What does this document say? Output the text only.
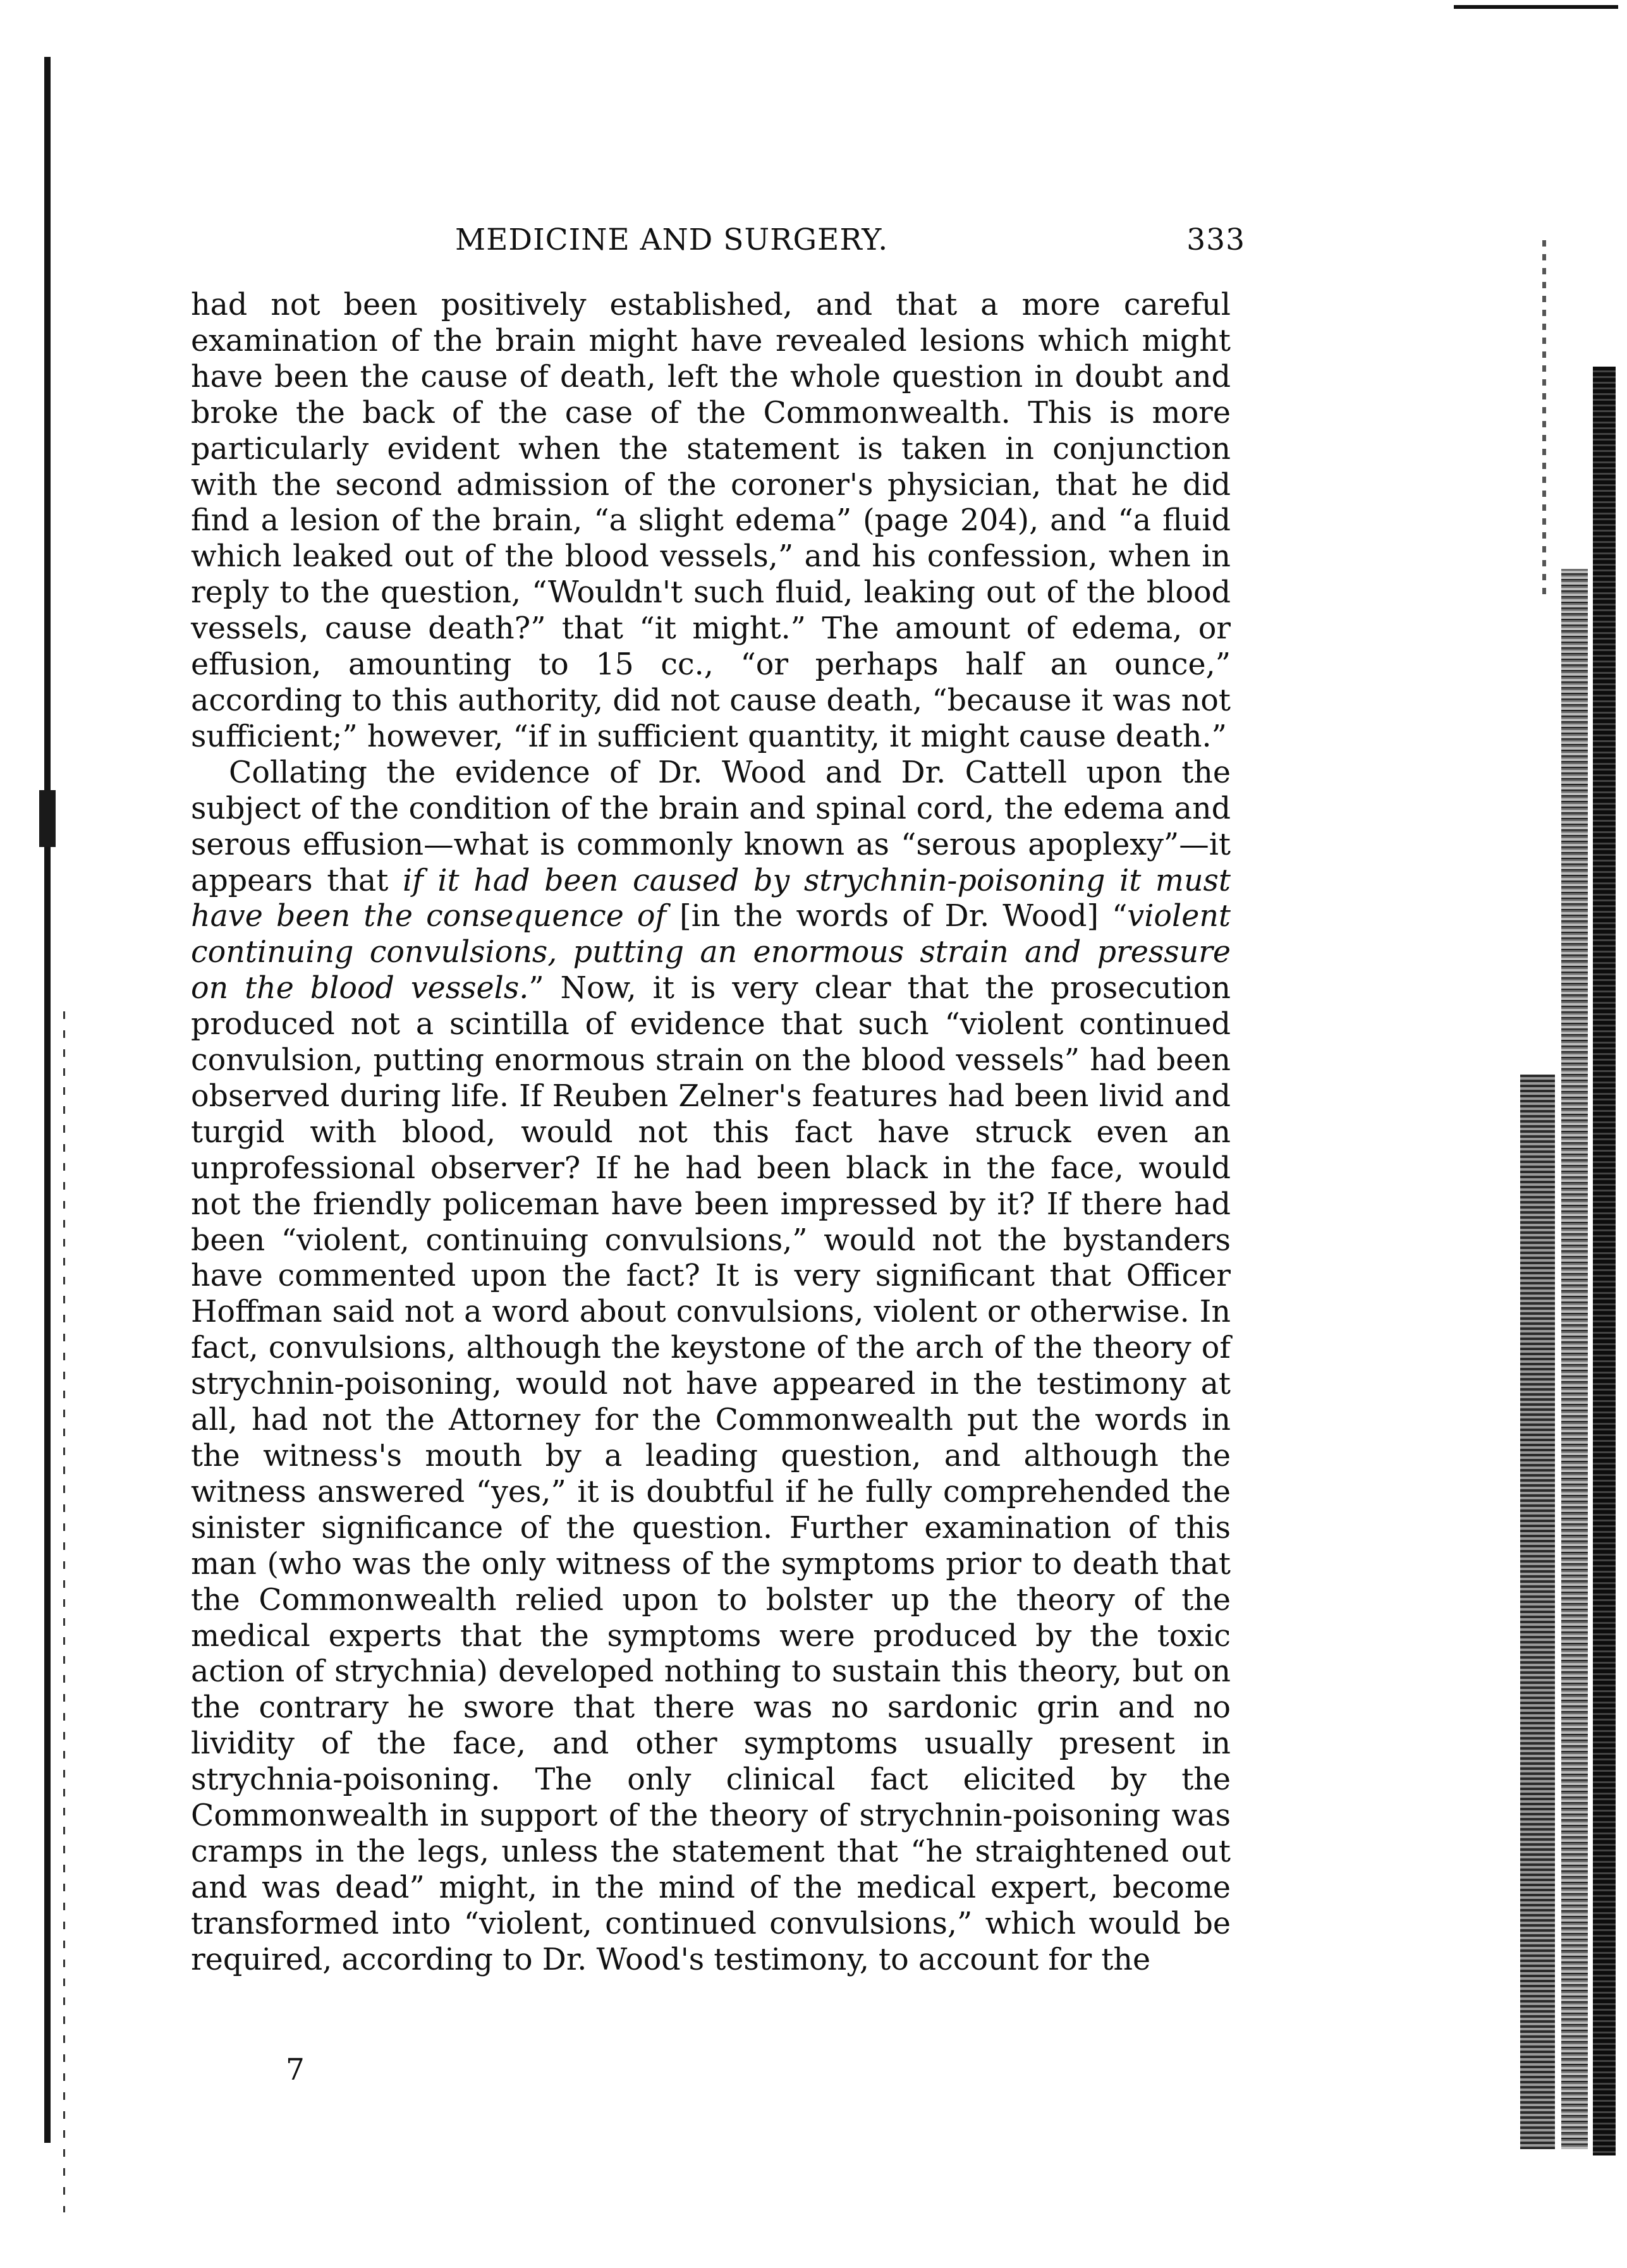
MEDICINE AND SURGERY.	333

had not been positively established, and that a more careful examination of the brain might have revealed lesions which might have been the cause of death, left the whole question in doubt and broke the back of the case of the Commonwealth. This is more particularly evident when the statement is taken in conjunction with the second admission of the coroner's physician, that he did find a lesion of the brain, “a slight edema” (page 204), and “a fluid which leaked out of the blood vessels,” and his confession, when in reply to the question, “Wouldn't such fluid, leaking out of the blood vessels, cause death?” that “it might.” The amount of edema, or effusion, amounting to 15 cc., “or perhaps half an ounce,” according to this authority, did not cause death, “because it was not sufficient;” however, “if in sufficient quantity, it might cause death.”

Collating the evidence of Dr. Wood and Dr. Cattell upon the subject of the condition of the brain and spinal cord, the edema and serous effusion—what is commonly known as “serous apoplexy”—it appears that if it had been caused by strychnin-poisoning it must have been the consequence of [in the words of Dr. Wood] “violent continuing convulsions, putting an enormous strain and pressure on the blood vessels.” Now, it is very clear that the prosecution produced not a scintilla of evidence that such “violent continued convulsion, putting enormous strain on the blood vessels” had been observed during life. If Reuben Zelner's features had been livid and turgid with blood, would not this fact have struck even an unprofessional observer? If he had been black in the face, would not the friendly policeman have been impressed by it? If there had been “violent, continuing convulsions,” would not the bystanders have commented upon the fact? It is very significant that Officer Hoffman said not a word about convulsions, violent or otherwise. In fact, convulsions, although the keystone of the arch of the theory of strychnin-poisoning, would not have appeared in the testimony at all, had not the Attorney for the Commonwealth put the words in the witness's mouth by a leading question, and although the witness answered “yes,” it is doubtful if he fully comprehended the sinister significance of the question. Further examination of this man (who was the only witness of the symptoms prior to death that the Commonwealth relied upon to bolster up the theory of the medical experts that the symptoms were produced by the toxic action of strychnia) developed nothing to sustain this theory, but on the contrary he swore that there was no sardonic grin and no lividity of the face, and other symptoms usually present in strychnia-poisoning. The only clinical fact elicited by the Commonwealth in support of the theory of strychnin-poisoning was cramps in the legs, unless the statement that “he straightened out and was dead” might, in the mind of the medical expert, become transformed into “violent, continued convulsions,” which would be required, according to Dr. Wood's testimony, to account for the

7
